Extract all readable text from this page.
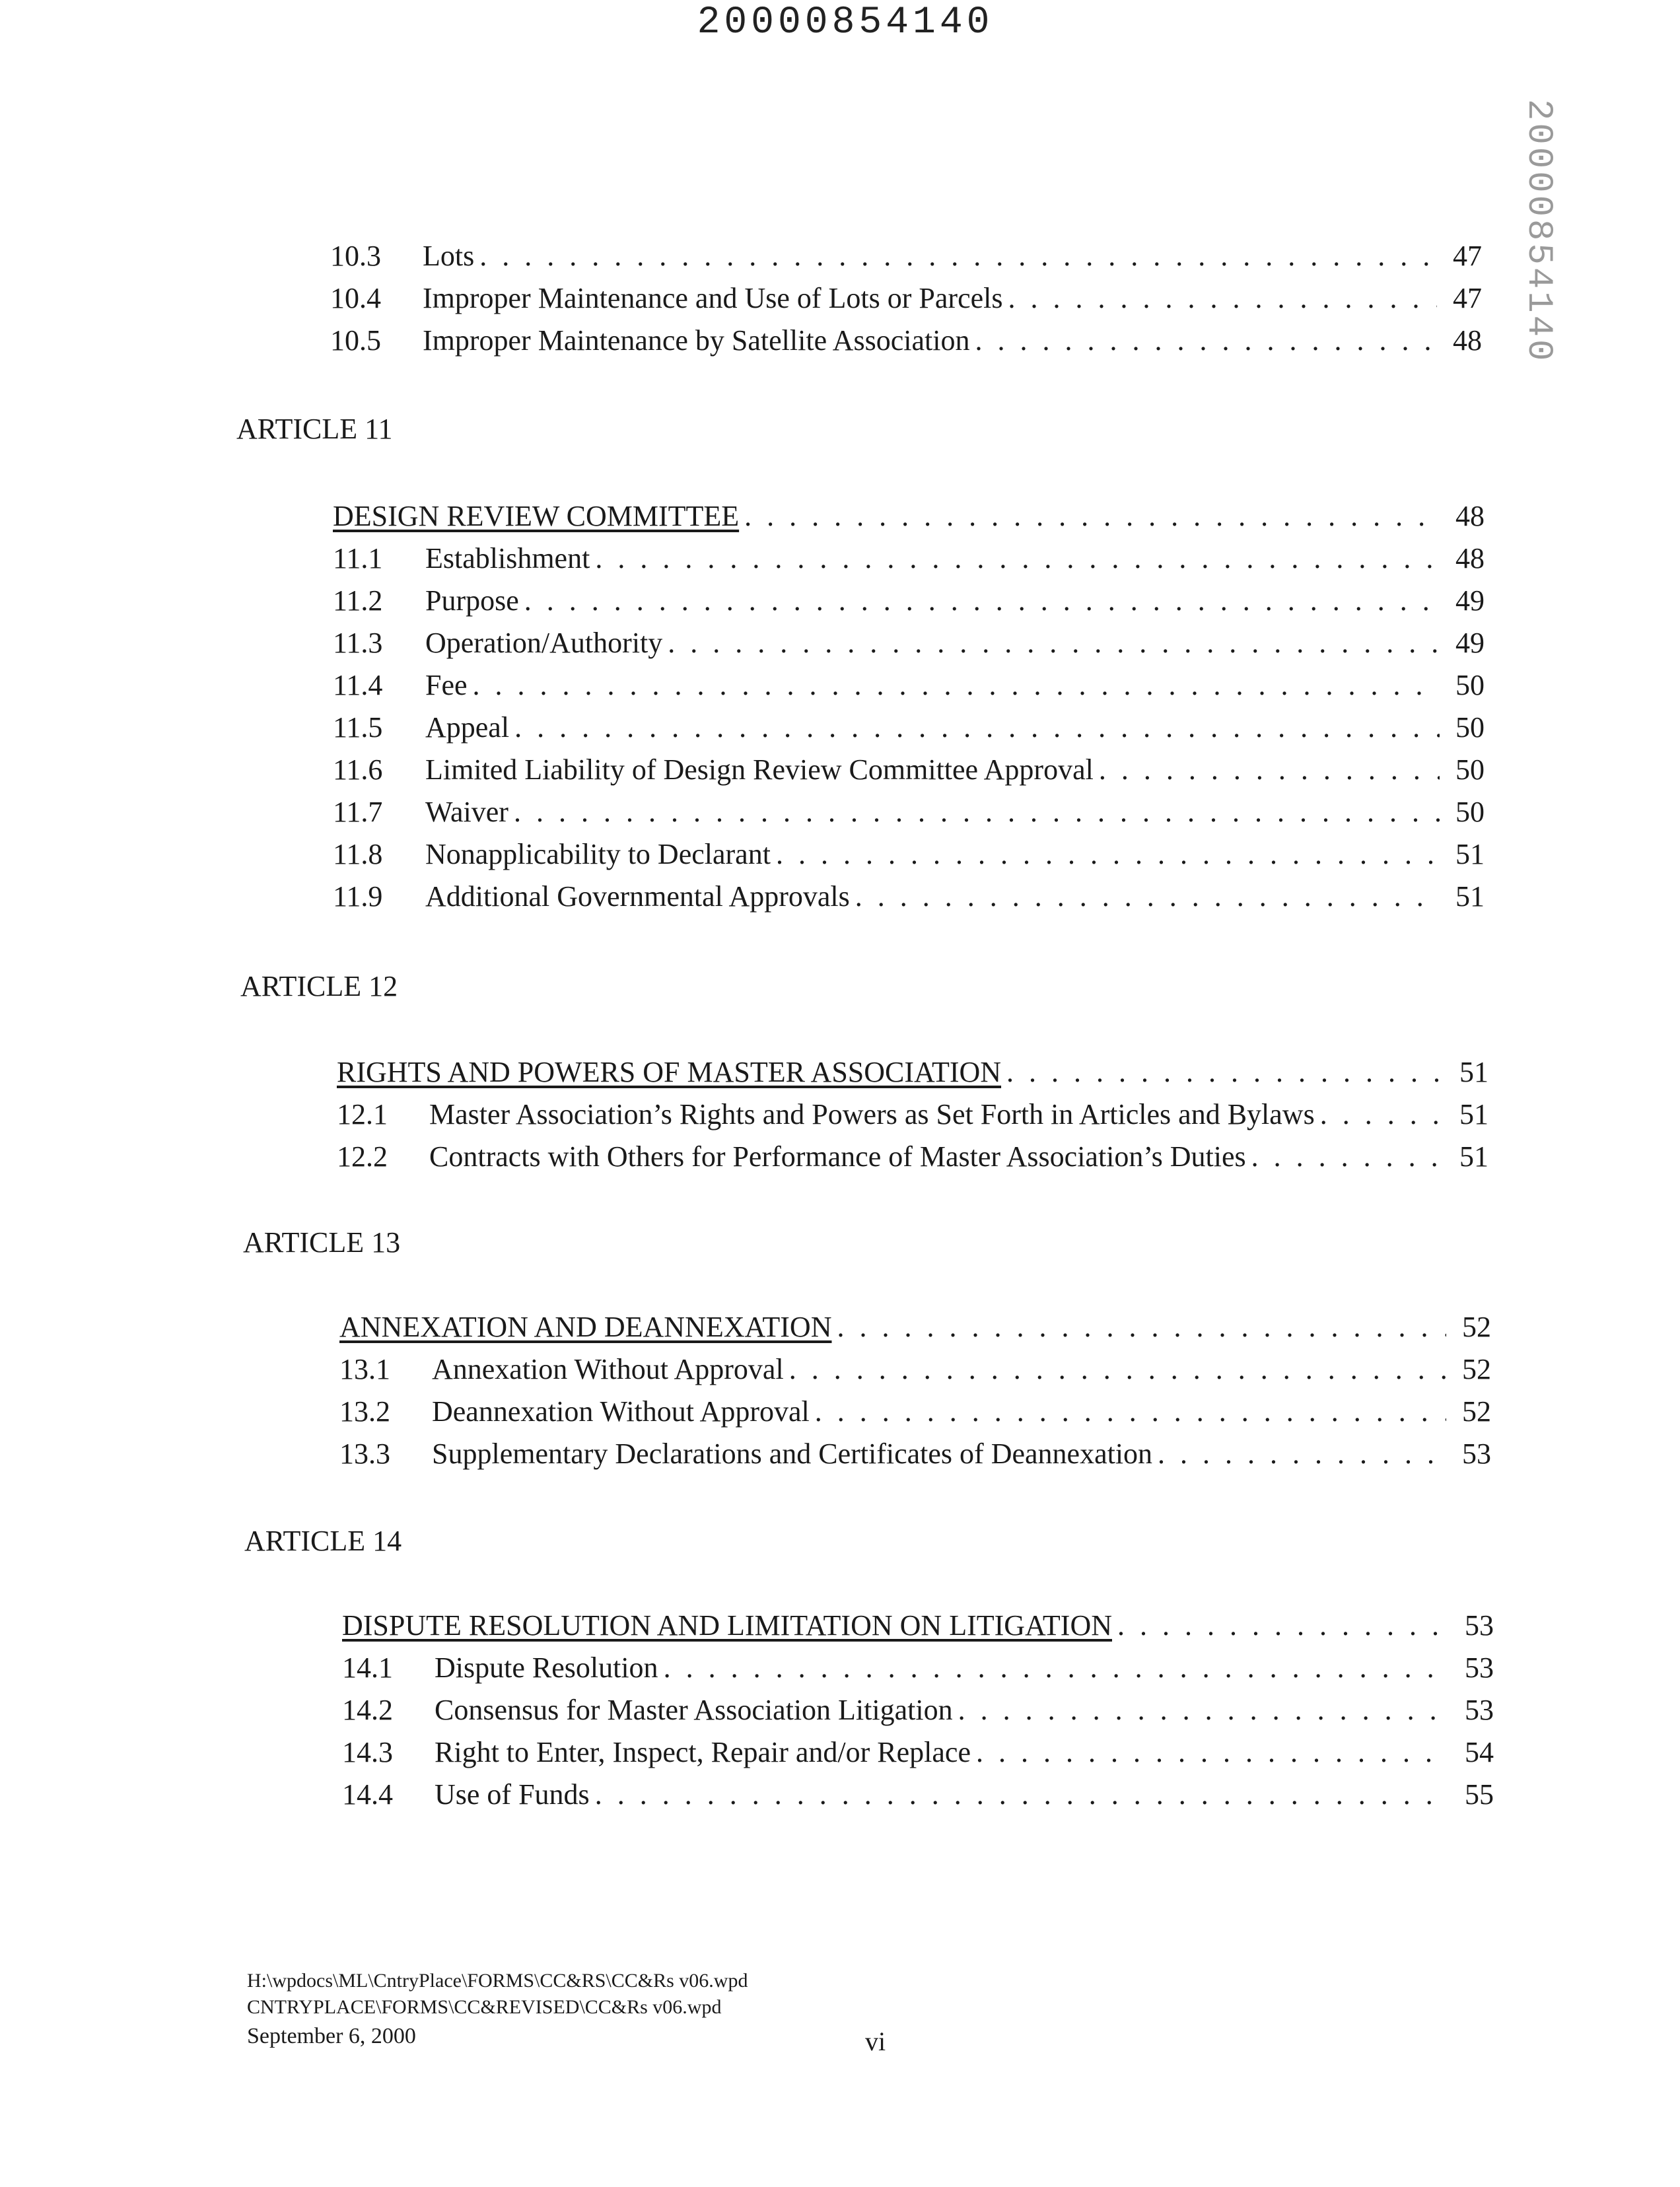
20000854140
20000854140
10.3	Lots . . .	47
10.4	Improper Maintenance and Use of Lots or Parcels . . .	47
10.5	Improper Maintenance by Satellite Association . . .	48
ARTICLE 11
DESIGN REVIEW COMMITTEE . . .	48
11.1	Establishment . . .	48
11.2	Purpose . . .	49
11.3	Operation/Authority . . .	49
11.4	Fee . . .	50
11.5	Appeal . . .	50
11.6	Limited Liability of Design Review Committee Approval . . .	50
11.7	Waiver . . .	50
11.8	Nonapplicability to Declarant . . .	51
11.9	Additional Governmental Approvals . . .	51
ARTICLE 12
RIGHTS AND POWERS OF MASTER ASSOCIATION . . .	51
12.1	Master Association’s Rights and Powers as Set Forth in Articles and Bylaws . . .	51
12.2	Contracts with Others for Performance of Master Association’s Duties . . .	51
ARTICLE 13
ANNEXATION AND DEANNEXATION . . .	52
13.1	Annexation Without Approval . . .	52
13.2	Deannexation Without Approval . . .	52
13.3	Supplementary Declarations and Certificates of Deannexation . . .	53
ARTICLE 14
DISPUTE RESOLUTION AND LIMITATION ON LITIGATION . . .	53
14.1	Dispute Resolution . . .	53
14.2	Consensus for Master Association Litigation . . .	53
14.3	Right to Enter, Inspect, Repair and/or Replace . . .	54
14.4	Use of Funds . . .	55
H:\wpdocs\ML\CntryPlace\FORMS\CC&RS\CC&Rs v06.wpd
CNTRYPLACE\FORMS\CC&REVISED\CC&Rs v06.wpd
September 6, 2000	vi
